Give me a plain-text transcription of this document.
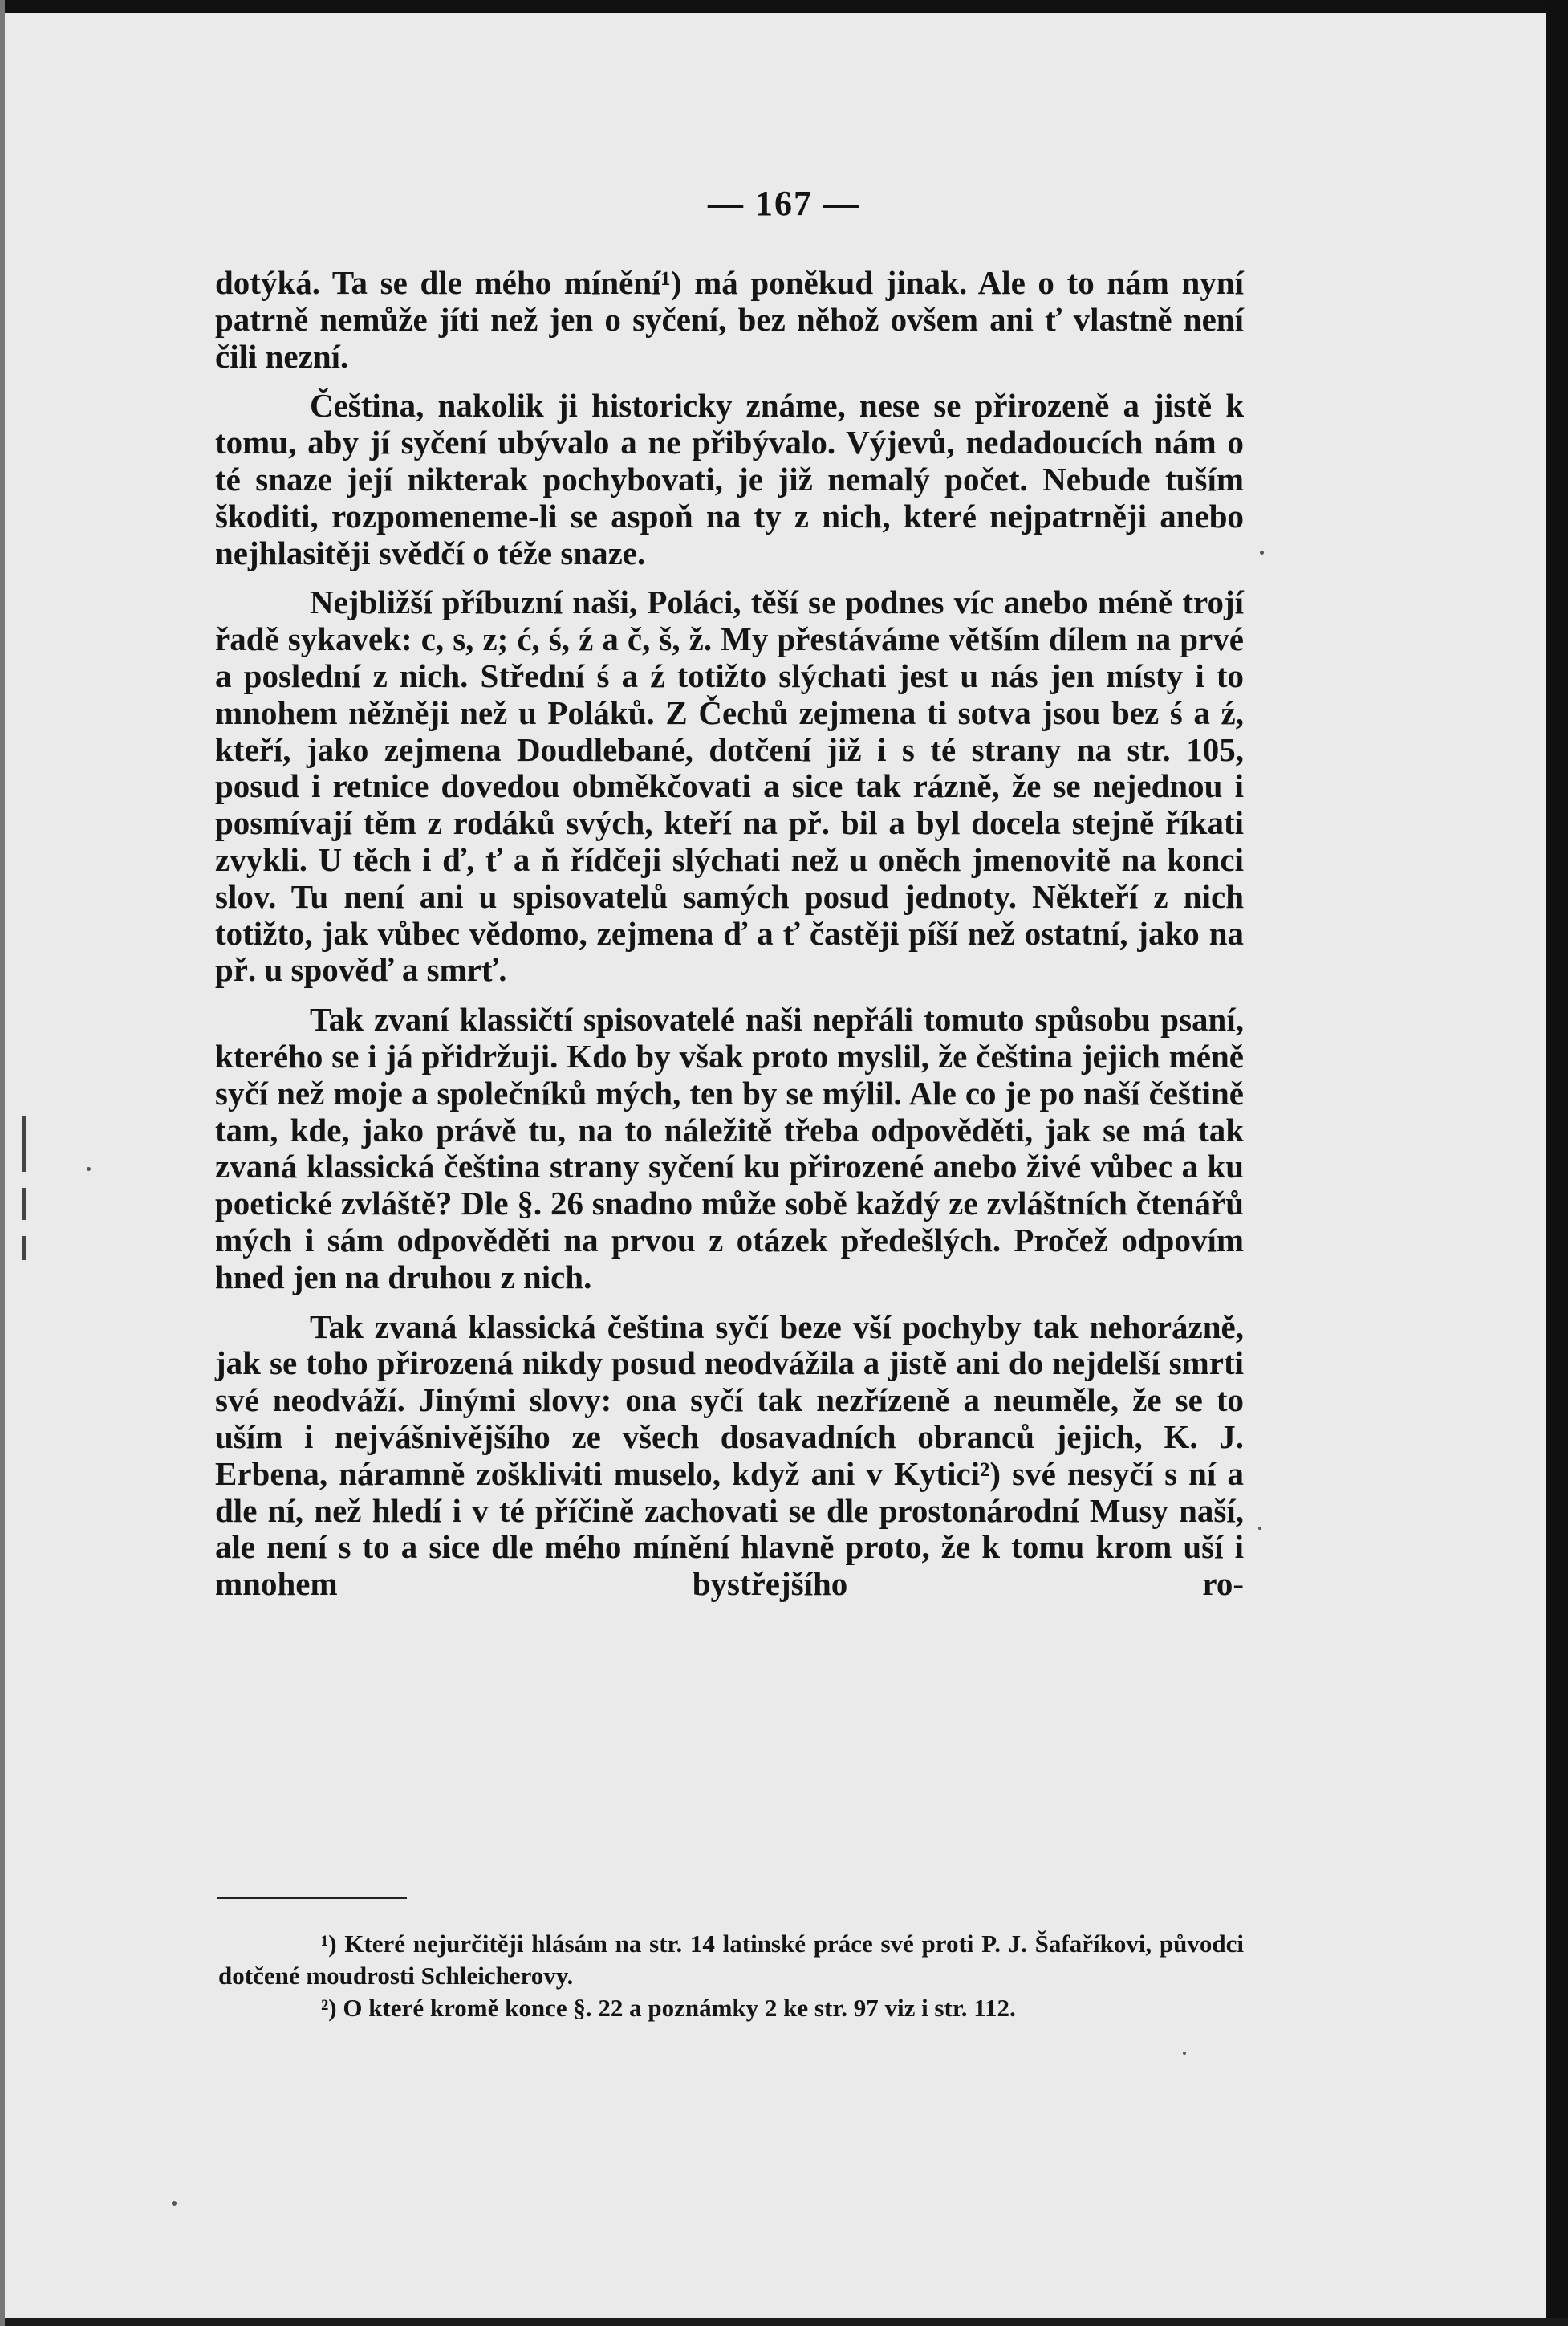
— 167 —

dotýká. Ta se dle mého mínění¹) má poněkud jinak. Ale o to nám nyní patrně nemůže jíti než jen o syčení, bez něhož ovšem ani ť vlastně není čili nezní.

Čeština, nakolik ji historicky známe, nese se přirozeně a jistě k tomu, aby jí syčení ubývalo a ne přibývalo. Výjevů, nedadoucích nám o té snaze její nikterak pochybovati, je již nemalý počet. Nebude tuším škoditi, rozpomeneme-li se aspoň na ty z nich, které nejpatrněji anebo nejhlasitěji svědčí o téže snaze.

Nejbližší příbuzní naši, Poláci, těší se podnes víc anebo méně trojí řadě sykavek: c, s, z; ć, ś, ź a č, š, ž. My přestáváme větším dílem na prvé a poslední z nich. Střední ś a ź totižto slýchati jest u nás jen místy i to mnohem něžněji než u Poláků. Z Čechů zejmena ti sotva jsou bez ś a ź, kteří, jako zejmena Doudlebané, dotčení již i s té strany na str. 105, posud i retnice dovedou obměkčovati a sice tak rázně, že se nejednou i posmívají těm z rodáků svých, kteří na př. bil a byl docela stejně říkati zvykli. U těch i ď, ť a ň řídčeji slýchati než u oněch jmenovitě na konci slov. Tu není ani u spisovatelů samých posud jednoty. Někteří z nich totižto, jak vůbec vědomo, zejmena ď a ť častěji píší než ostatní, jako na př. u spověď a smrť.

Tak zvaní klassičtí spisovatelé naši nepřáli tomuto spůsobu psaní, kterého se i já přidržuji. Kdo by však proto myslil, že čeština jejich méně syčí než moje a společníků mých, ten by se mýlil. Ale co je po naší češtině tam, kde, jako právě tu, na to náležitě třeba odpověděti, jak se má tak zvaná klassická čeština strany syčení ku přirozené anebo živé vůbec a ku poetické zvláště? Dle §. 26 snadno může sobě každý ze zvláštních čtenářů mých i sám odpověděti na prvou z otázek předešlých. Pročež odpovím hned jen na druhou z nich.

Tak zvaná klassická čeština syčí beze vší pochyby tak nehorázně, jak se toho přirozená nikdy posud neodvážila a jistě ani do nejdelší smrti své neodváží. Jinými slovy: ona syčí tak nezřízeně a neuměle, že se to uším i nejvášnivějšího ze všech dosavadních obranců jejich, K. J. Erbena, náramně zoškliviti muselo, když ani v Kytici²) své nesyčí s ní a dle ní, než hledí i v té příčině zachovati se dle prostonárodní Musy naší, ale není s to a sice dle mého mínění hlavně proto, že k tomu krom uší i mnohem bystřejšího ro-

¹) Které nejurčitěji hlásám na str. 14 latinské práce své proti P. J. Šafaříkovi, původci dotčené moudrosti Schleicherovy.

²) O které kromě konce §. 22 a poznámky 2 ke str. 97 viz i str. 112.
